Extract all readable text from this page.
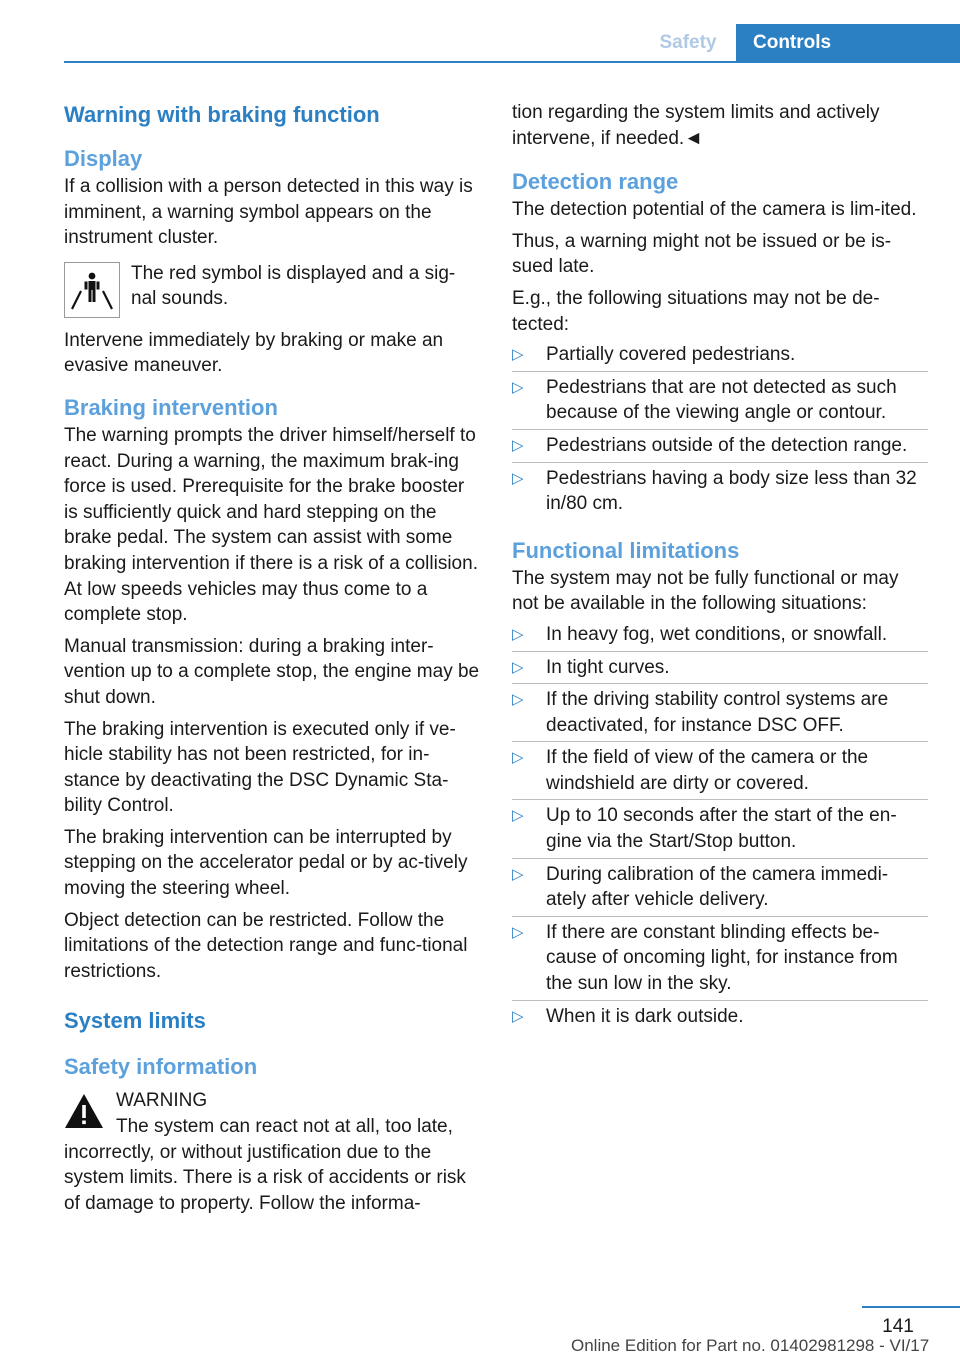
Safety	Controls
Warning with braking function
Display

If a collision with a person detected in this way is imminent, a warning symbol appears on the instrument cluster.

The red symbol is displayed and a sig‐nal sounds.

Intervene immediately by braking or make an evasive maneuver.

Braking intervention

The warning prompts the driver himself/herself to react. During a warning, the maximum brak‐ing force is used. Prerequisite for the brake booster is sufficiently quick and hard stepping on the brake pedal. The system can assist with some braking intervention if there is a risk of a collision. At low speeds vehicles may thus come to a complete stop.

Manual transmission: during a braking inter‐vention up to a complete stop, the engine may be shut down.

The braking intervention is executed only if ve‐hicle stability has not been restricted, for in‐stance by deactivating the DSC Dynamic Sta‐bility Control.

The braking intervention can be interrupted by stepping on the accelerator pedal or by ac‐tively moving the steering wheel.

Object detection can be restricted. Follow the limitations of the detection range and func‐tional restrictions.

System limits
Safety information
WARNING
The system can react not at all, too late, incorrectly, or without justification due to the system limits. There is a risk of accidents or risk of damage to property. Follow the informa‐

tion regarding the system limits and actively intervene, if needed.◄

Detection range

The detection potential of the camera is lim‐ited.

Thus, a warning might not be issued or be is‐sued late.

E.g., the following situations may not be de‐tected:

▷ Partially covered pedestrians.
▷ Pedestrians that are not detected as such because of the viewing angle or contour.
▷ Pedestrians outside of the detection range.
▷ Pedestrians having a body size less than 32 in/80 cm.
Functional limitations

The system may not be fully functional or may not be available in the following situations:

▷ In heavy fog, wet conditions, or snowfall.
▷ In tight curves.
▷ If the driving stability control systems are deactivated, for instance DSC OFF.
▷ If the field of view of the camera or the windshield are dirty or covered.
▷ Up to 10 seconds after the start of the en‐gine via the Start/Stop button.
▷ During calibration of the camera immedi‐ately after vehicle delivery.
▷ If there are constant blinding effects be‐cause of oncoming light, for instance from the sun low in the sky.
▷ When it is dark outside.
141
Online Edition for Part no. 01402981298 - VI/17
